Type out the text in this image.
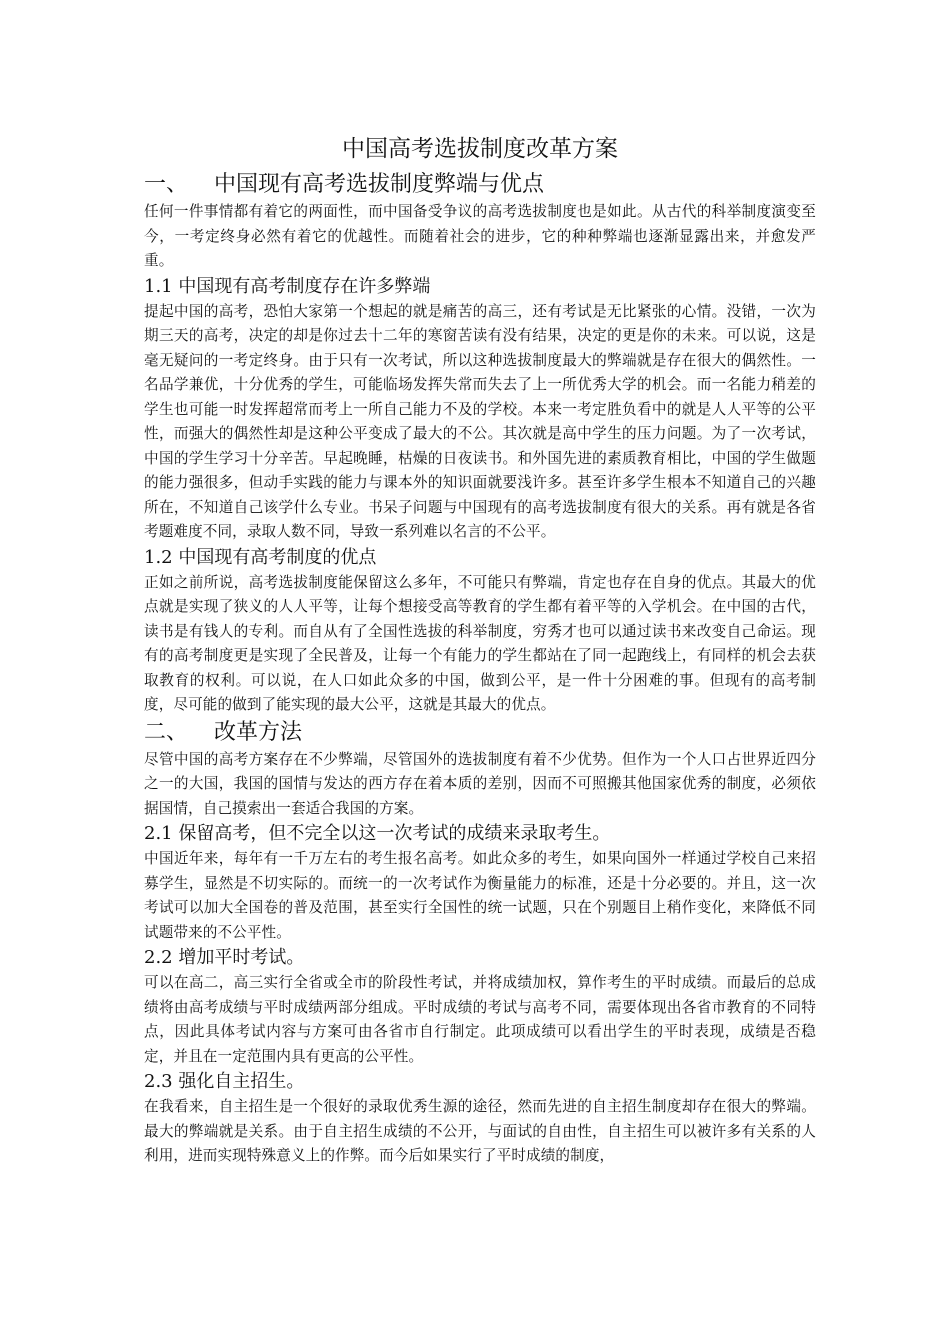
中国高考选拔制度改革方案
一、	中国现有高考选拔制度弊端与优点

任何一件事情都有着它的两面性，而中国备受争议的高考选拔制度也是如此。从古代的科举制度演变至今，一考定终身必然有着它的优越性。而随着社会的进步，它的种种弊端也逐渐显露出来，并愈发严重。

1.1 中国现有高考制度存在许多弊端

提起中国的高考，恐怕大家第一个想起的就是痛苦的高三，还有考试是无比紧张的心情。没错，一次为期三天的高考，决定的却是你过去十二年的寒窗苦读有没有结果，决定的更是你的未来。可以说，这是毫无疑问的一考定终身。由于只有一次考试，所以这种选拔制度最大的弊端就是存在很大的偶然性。一名品学兼优，十分优秀的学生，可能临场发挥失常而失去了上一所优秀大学的机会。而一名能力稍差的学生也可能一时发挥超常而考上一所自己能力不及的学校。本来一考定胜负看中的就是人人平等的公平性，而强大的偶然性却是这种公平变成了最大的不公。其次就是高中学生的压力问题。为了一次考试，中国的学生学习十分辛苦。早起晚睡，枯燥的日夜读书。和外国先进的素质教育相比，中国的学生做题的能力强很多，但动手实践的能力与课本外的知识面就要浅许多。甚至许多学生根本不知道自己的兴趣所在，不知道自己该学什么专业。书呆子问题与中国现有的高考选拔制度有很大的关系。再有就是各省考题难度不同，录取人数不同，导致一系列难以名言的不公平。

1.2 中国现有高考制度的优点

正如之前所说，高考选拔制度能保留这么多年，不可能只有弊端，肯定也存在自身的优点。其最大的优点就是实现了狭义的人人平等，让每个想接受高等教育的学生都有着平等的入学机会。在中国的古代，读书是有钱人的专利。而自从有了全国性选拔的科举制度，穷秀才也可以通过读书来改变自己命运。现有的高考制度更是实现了全民普及，让每一个有能力的学生都站在了同一起跑线上，有同样的机会去获取教育的权利。可以说，在人口如此众多的中国，做到公平，是一件十分困难的事。但现有的高考制度，尽可能的做到了能实现的最大公平，这就是其最大的优点。

二、	改革方法

尽管中国的高考方案存在不少弊端，尽管国外的选拔制度有着不少优势。但作为一个人口占世界近四分之一的大国，我国的国情与发达的西方存在着本质的差别，因而不可照搬其他国家优秀的制度，必须依据国情，自己摸索出一套适合我国的方案。

2.1 保留高考，但不完全以这一次考试的成绩来录取考生。

中国近年来，每年有一千万左右的考生报名高考。如此众多的考生，如果向国外一样通过学校自己来招募学生，显然是不切实际的。而统一的一次考试作为衡量能力的标准，还是十分必要的。并且，这一次考试可以加大全国卷的普及范围，甚至实行全国性的统一试题，只在个别题目上稍作变化，来降低不同试题带来的不公平性。

2.2 增加平时考试。

可以在高二，高三实行全省或全市的阶段性考试，并将成绩加权，算作考生的平时成绩。而最后的总成绩将由高考成绩与平时成绩两部分组成。平时成绩的考试与高考不同，需要体现出各省市教育的不同特点，因此具体考试内容与方案可由各省市自行制定。此项成绩可以看出学生的平时表现，成绩是否稳定，并且在一定范围内具有更高的公平性。

2.3 强化自主招生。

在我看来，自主招生是一个很好的录取优秀生源的途径，然而先进的自主招生制度却存在很大的弊端。最大的弊端就是关系。由于自主招生成绩的不公开，与面试的自由性，自主招生可以被许多有关系的人利用，进而实现特殊意义上的作弊。而今后如果实行了平时成绩的制度，
